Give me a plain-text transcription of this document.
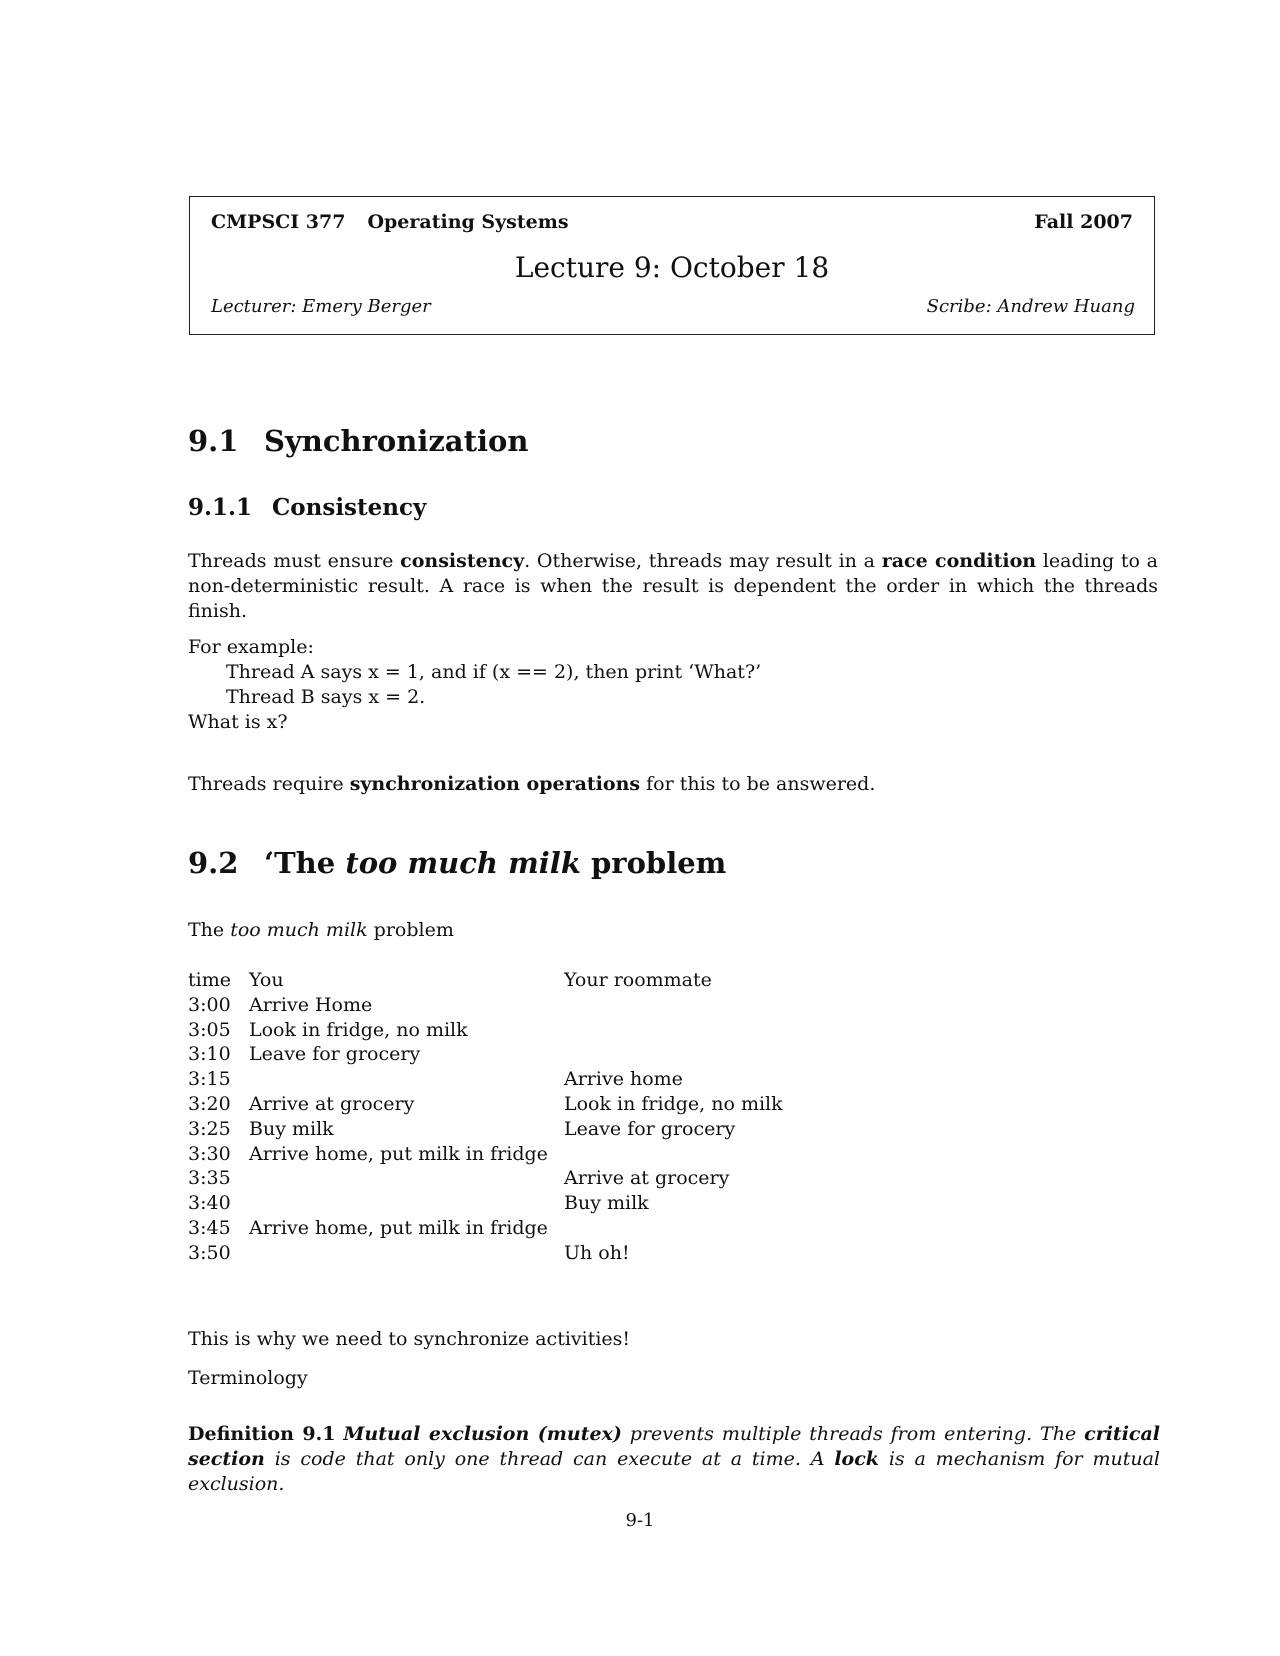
CMPSCI 377 Operating Systems	Fall 2007
Lecture 9: October 18
Lecturer: Emery Berger	Scribe: Andrew Huang
9.1 Synchronization
9.1.1 Consistency
Threads must ensure consistency. Otherwise, threads may result in a race condition leading to a non-deterministic result. A race is when the result is dependent the order in which the threads finish.
For example:
Thread A says x = 1, and if (x == 2), then print ‘What?’
Thread B says x = 2.
What is x?
Threads require synchronization operations for this to be answered.
9.2 ‘The too much milk problem
The too much milk problem
time You	Your roommate
3:00 Arrive Home
3:05 Look in fridge, no milk
3:10 Leave for grocery
3:15	Arrive home
3:20 Arrive at grocery	Look in fridge, no milk
3:25 Buy milk	Leave for grocery
3:30 Arrive home, put milk in fridge
3:35	Arrive at grocery
3:40	Buy milk
3:45 Arrive home, put milk in fridge
3:50	Uh oh!
This is why we need to synchronize activities!
Terminology
Definition 9.1 Mutual exclusion (mutex) prevents multiple threads from entering. The critical section is code that only one thread can execute at a time. A lock is a mechanism for mutual exclusion.
9-1
